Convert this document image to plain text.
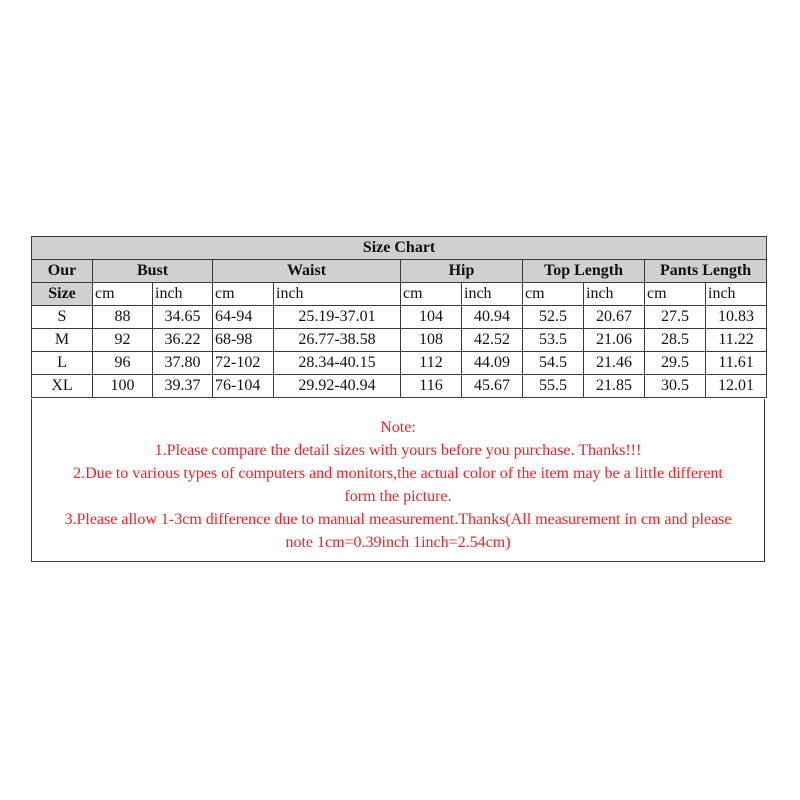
Size Chart										
Our	Bust		Waist		Hip		Top Length		Pants Length	
Size	cm	inch	cm	inch	cm	inch	cm	inch	cm	inch
S	88	34.65	64-94	25.19-37.01	104	40.94	52.5	20.67	27.5	10.83
M	92	36.22	68-98	26.77-38.58	108	42.52	53.5	21.06	28.5	11.22
L	96	37.80	72-102	28.34-40.15	112	44.09	54.5	21.46	29.5	11.61
XL	100	39.37	76-104	29.92-40.94	116	45.67	55.5	21.85	30.5	12.01

Note:

1.Please compare the detail sizes with yours before you purchase. Thanks!!!

2.Due to various types of computers and monitors,the actual color of the item may be a little different

form the picture.

3.Please allow 1-3cm difference due to manual measurement.Thanks(All measurement in cm and please

note 1cm=0.39inch 1inch=2.54cm)
